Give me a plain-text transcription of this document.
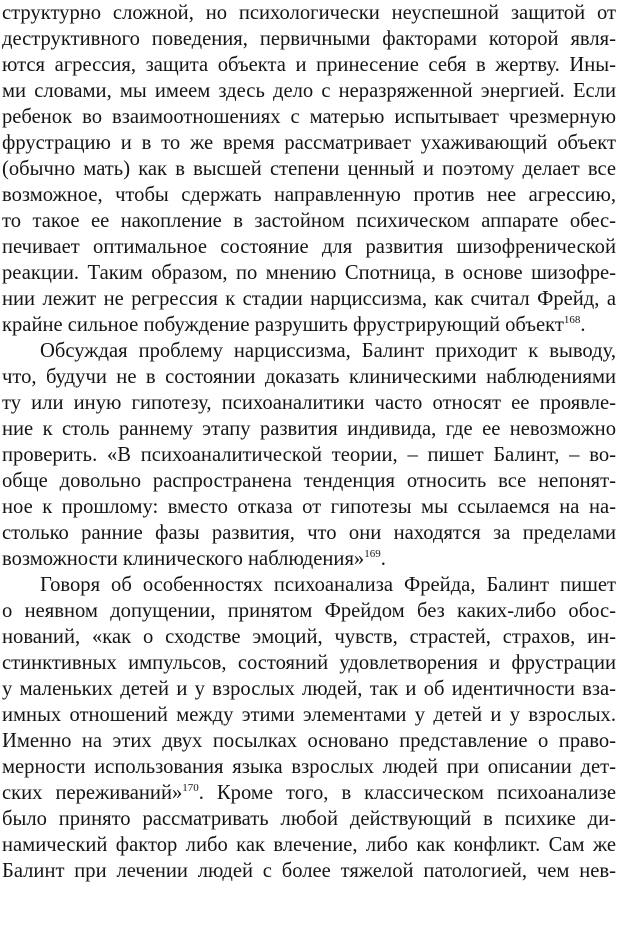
структурно сложной, но психологически неуспешной защитой от
деструктивного поведения, первичными факторами которой явля-
ются агрессия, защита объекта и принесение себя в жертву. Ины-
ми словами, мы имеем здесь дело с неразряженной энергией. Если
ребенок во взаимоотношениях с матерью испытывает чрезмерную
фрустрацию и в то же время рассматривает ухаживающий объект
(обычно мать) как в высшей степени ценный и поэтому делает все
возможное, чтобы сдержать направленную против нее агрессию,
то такое ее накопление в застойном психическом аппарате обес-
печивает оптимальное состояние для развития шизофренической
реакции. Таким образом, по мнению Спотница, в основе шизофре-
нии лежит не регрессия к стадии нарциссизма, как считал Фрейд, а
крайне сильное побуждение разрушить фрустрирующий объект$^{168}$.
Обсуждая проблему нарциссизма, Балинт приходит к выводу,
что, будучи не в состоянии доказать клиническими наблюдениями
ту или иную гипотезу, психоаналитики часто относят ее проявле-
ние к столь раннему этапу развития индивида, где ее невозможно
проверить. «В психоаналитической теории, – пишет Балинт, – во-
обще довольно распространена тенденция относить все непонят-
ное к прошлому: вместо отказа от гипотезы мы ссылаемся на на-
столько ранние фазы развития, что они находятся за пределами
возможности клинического наблюдения»$^{169}$.
Говоря об особенностях психоанализа Фрейда, Балинт пишет
о неявном допущении, принятом Фрейдом без каких-либо обос-
нований, «как о сходстве эмоций, чувств, страстей, страхов, ин-
стинктивных импульсов, состояний удовлетворения и фрустрации
у маленьких детей и у взрослых людей, так и об идентичности вза-
имных отношений между этими элементами у детей и у взрослых.
Именно на этих двух посылках основано представление о право-
мерности использования языка взрослых людей при описании дет-
ских переживаний»$^{170}$. Кроме того, в классическом психоанализе
было принято рассматривать любой действующий в психике ди-
намический фактор либо как влечение, либо как конфликт. Сам же
Балинт при лечении людей с более тяжелой патологией, чем нев-
